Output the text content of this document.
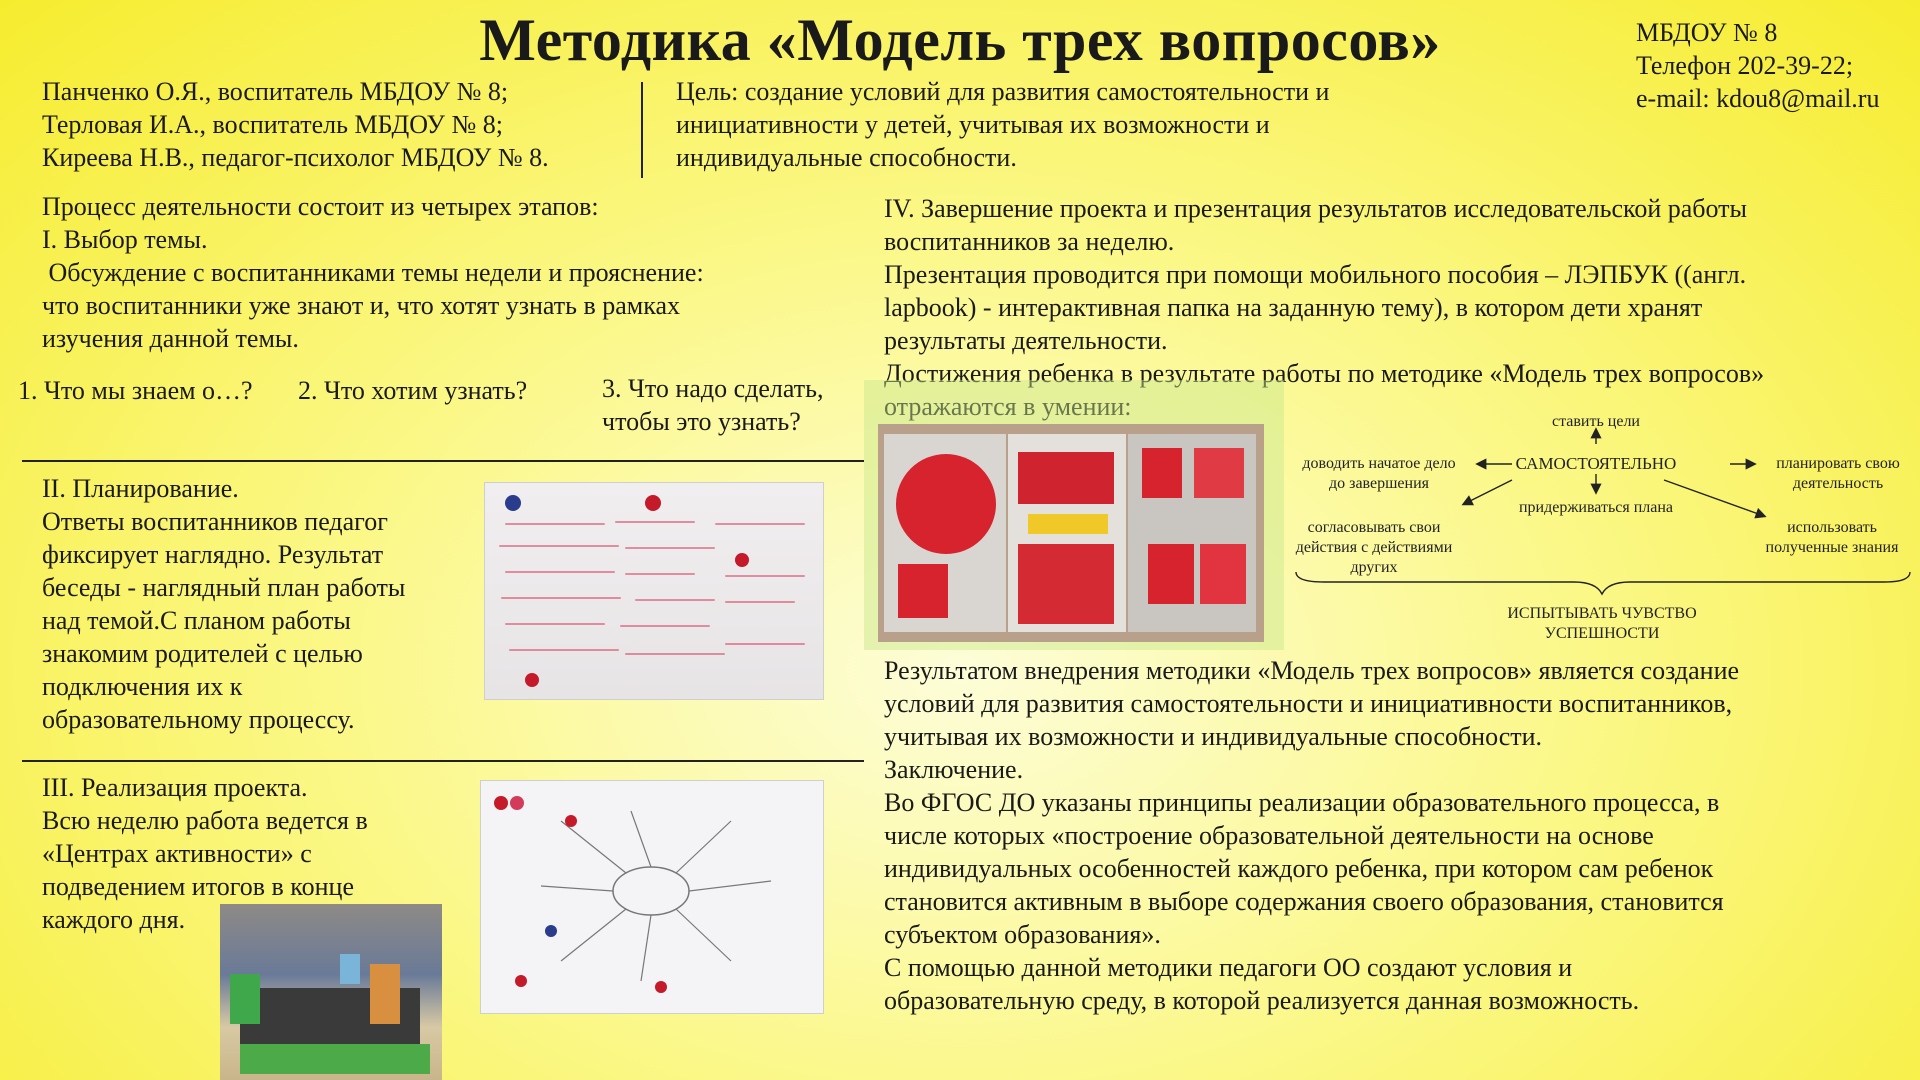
Методика «Модель трех вопросов»	МБДОУ № 8
Телефон 202-39-22;
e-mail: kdou8@mail.ru
Панченко О.Я., воспитатель МБДОУ № 8;
Терловая И.А., воспитатель МБДОУ № 8;
Киреева Н.В., педагог-психолог МБДОУ № 8.
Цель: создание условий для развития самостоятельности и
инициативности у детей, учитывая их возможности и
индивидуальные способности.
Процесс деятельности состоит из четырех этапов:
I. Выбор темы.
Обсуждение с воспитанниками темы недели и прояснение:
что воспитанники уже знают и, что хотят узнать в рамках
изучения данной темы.
1. Что мы знаем о…? 2. Что хотим узнать?	3. Что надо сделать,
чтобы это узнать?
II. Планирование.
Ответы воспитанников педагог
фиксирует наглядно. Результат
беседы - наглядный план работы
над темой.С планом работы
знакомим родителей с целью
подключения их к
образовательному процессу.
III. Реализация проекта.
Всю неделю работа ведется в
«Центрах активности» с
подведением итогов в конце
каждого дня.
IV. Завершение проекта и презентация результатов исследовательской работы
воспитанников за неделю.
Презентация проводится при помощи мобильного пособия – ЛЭПБУК ((англ.
lapbook) - интерактивная папка на заданную тему), в котором дети хранят
результаты деятельности.
Достижения ребенка в результате работы по методике «Модель трех вопросов»
отражаются в умении:
ставить цели
САМОСТОЯТЕЛЬНО
доводить начатое дело
до завершения
планировать свою
деятельность
придерживаться плана
согласовывать свои
действия с действиями
других
использовать
полученные знания
ИСПЫТЫВАТЬ ЧУВСТВО
УСПЕШНОСТИ
Результатом внедрения методики «Модель трех вопросов» является создание
условий для развития самостоятельности и инициативности воспитанников,
учитывая их возможности и индивидуальные способности.
Заключение.
Во ФГОС ДО указаны принципы реализации образовательного процесса, в
числе которых «построение образовательной деятельности на основе
индивидуальных особенностей каждого ребенка, при котором сам ребенок
становится активным в выборе содержания своего образования, становится
субъектом образования».
С помощью данной методики педагоги ОО создают условия и
образовательную среду, в которой реализуется данная возможность.
